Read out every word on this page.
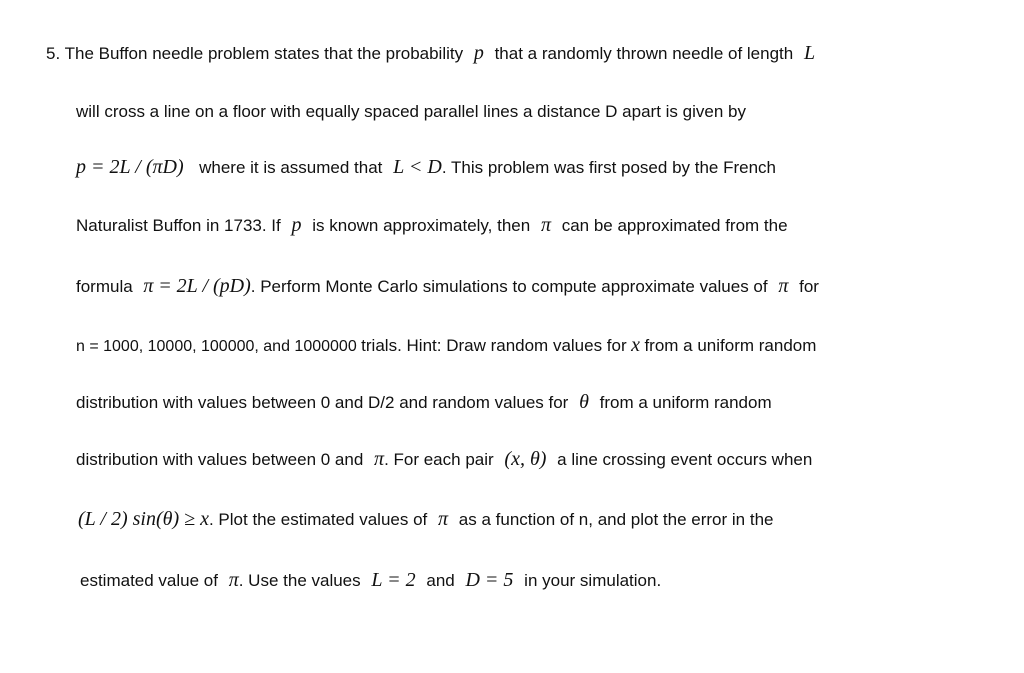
5. The Buffon needle problem states that the probability p that a randomly thrown needle of length L
will cross a line on a floor with equally spaced parallel lines a distance D apart is given by
p = 2L / (πD) where it is assumed that L < D. This problem was first posed by the French
Naturalist Buffon in 1733. If p is known approximately, then π can be approximated from the
formula π = 2L / (pD). Perform Monte Carlo simulations to compute approximate values of π for
n = 1000, 10000, 100000, and 1000000 trials. Hint: Draw random values for x from a uniform random
distribution with values between 0 and D/2 and random values for θ from a uniform random
distribution with values between 0 and π. For each pair (x, θ) a line crossing event occurs when
(L / 2) sin(θ) ≥ x. Plot the estimated values of π as a function of n, and plot the error in the
estimated value of π. Use the values L = 2 and D = 5 in your simulation.
